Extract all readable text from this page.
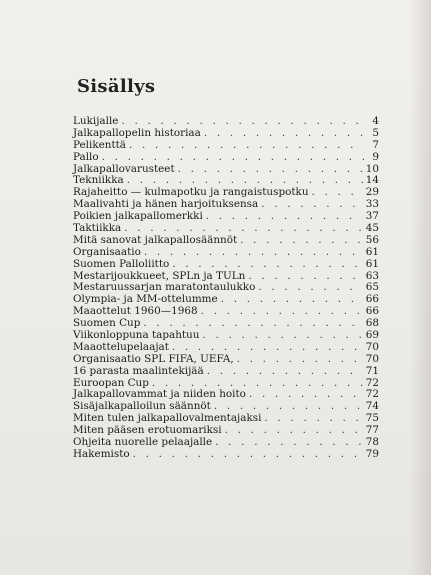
Sisällys
Lukijalle . . .	4
Jalkapallopelin historiaa . . .	5
Pelikenttä . . .	7
Pallo . . .	9
Jalkapallovarusteet . . .	10
Tekniikka . . .	14
Rajaheitto — kulmapotku ja rangaistuspotku . . .	29
Maalivahti ja hänen harjoituksensa . . .	33
Poikien jalkapallomerkki . . .	37
Taktiikka . . .	45
Mitä sanovat jalkapallosäännöt . . .	56
Organisaatio . . .	61
Suomen Palloliitto . . .	61
Mestarijoukkueet, SPLn ja TULn . . .	63
Mestaruussarjan maratontaulukko . . .	65
Olympia- ja MM-ottelumme . . .	66
Maaottelut 1960—1968 . . .	66
Suomen Cup . . .	68
Viikonloppuna tapahtuu . . .	69
Maaottelupelaajat . . .	70
Organisaatio SPL FIFA, UEFA, . . .	70
16 parasta maalintekijää . . .	71
Euroopan Cup . . .	72
Jalkapallovammat ja niiden hoito . . .	72
Sisäjalkapalloilun säännöt . . .	74
Miten tulen jalkapallovalmentajaksi . . .	75
Miten pääsen erotuomariksi . . .	77
Ohjeita nuorelle pelaajalle . . .	78
Hakemisto . . .	79
